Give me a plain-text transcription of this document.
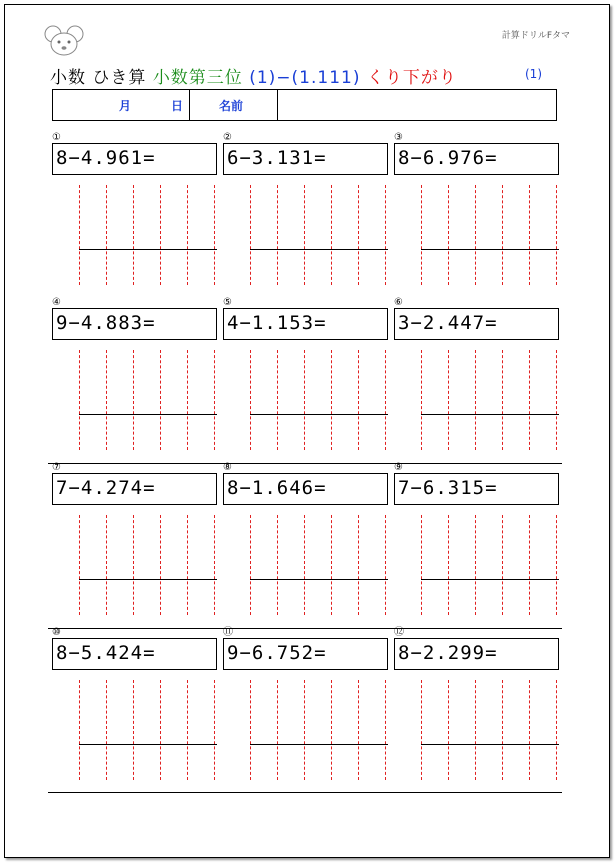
計算ドリルFタマ
小数 ひき算 小数第三位 (1)−(1.111) くり下がり	(1)
月	日	名前
①
8−4.961=
②
6−3.131=
③
8−6.976=
④
9−4.883=
⑤
4−1.153=
⑥
3−2.447=
⑦
7−4.274=
⑧
8−1.646=
⑨
7−6.315=
⑩
8−5.424=
⑪
9−6.752=
⑫
8−2.299=
